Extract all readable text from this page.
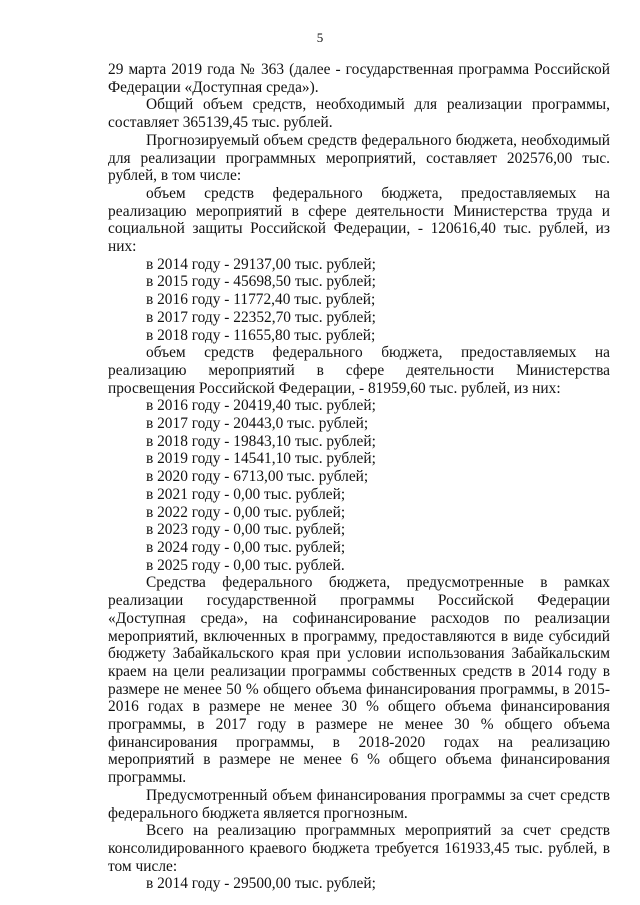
5

29 марта 2019 года № 363 (далее - государственная программа Российской Федерации «Доступная среда»).

Общий объем средств, необходимый для реализации программы, составляет 365139,45 тыс. рублей.

Прогнозируемый объем средств федерального бюджета, необходимый для реализации программных мероприятий, составляет 202576,00 тыс. рублей, в том числе:

объем средств федерального бюджета, предоставляемых на реализацию мероприятий в сфере деятельности Министерства труда и социальной защиты Российской Федерации, - 120616,40 тыс. рублей, из них:

в 2014 году - 29137,00 тыс. рублей;

в 2015 году - 45698,50 тыс. рублей;

в 2016 году - 11772,40 тыс. рублей;

в 2017 году - 22352,70 тыс. рублей;

в 2018 году - 11655,80 тыс. рублей;

объем средств федерального бюджета, предоставляемых на реализацию мероприятий в сфере деятельности Министерства просвещения Российской Федерации, - 81959,60 тыс. рублей, из них:

в 2016 году - 20419,40 тыс. рублей;

в 2017 году - 20443,0 тыс. рублей;

в 2018 году - 19843,10 тыс. рублей;

в 2019 году - 14541,10 тыс. рублей;

в 2020 году - 6713,00 тыс. рублей;

в 2021 году - 0,00 тыс. рублей;

в 2022 году - 0,00 тыс. рублей;

в 2023 году - 0,00 тыс. рублей;

в 2024 году - 0,00 тыс. рублей;

в 2025 году - 0,00 тыс. рублей.

Средства федерального бюджета, предусмотренные в рамках реализации государственной программы Российской Федерации «Доступная среда», на софинансирование расходов по реализации мероприятий, включенных в программу, предоставляются в виде субсидий бюджету Забайкальского края при условии использования Забайкальским краем на цели реализации программы собственных средств в 2014 году в размере не менее 50 % общего объема финансирования программы, в 2015-2016 годах в размере не менее 30 % общего объема финансирования программы, в 2017 году в размере не менее 30 % общего объема финансирования программы, в 2018-2020 годах на реализацию мероприятий в размере не менее 6 % общего объема финансирования программы.

Предусмотренный объем финансирования программы за счет средств федерального бюджета является прогнозным.

Всего на реализацию программных мероприятий за счет средств консолидированного краевого бюджета требуется 161933,45 тыс. рублей, в том числе:

в 2014 году - 29500,00 тыс. рублей;
